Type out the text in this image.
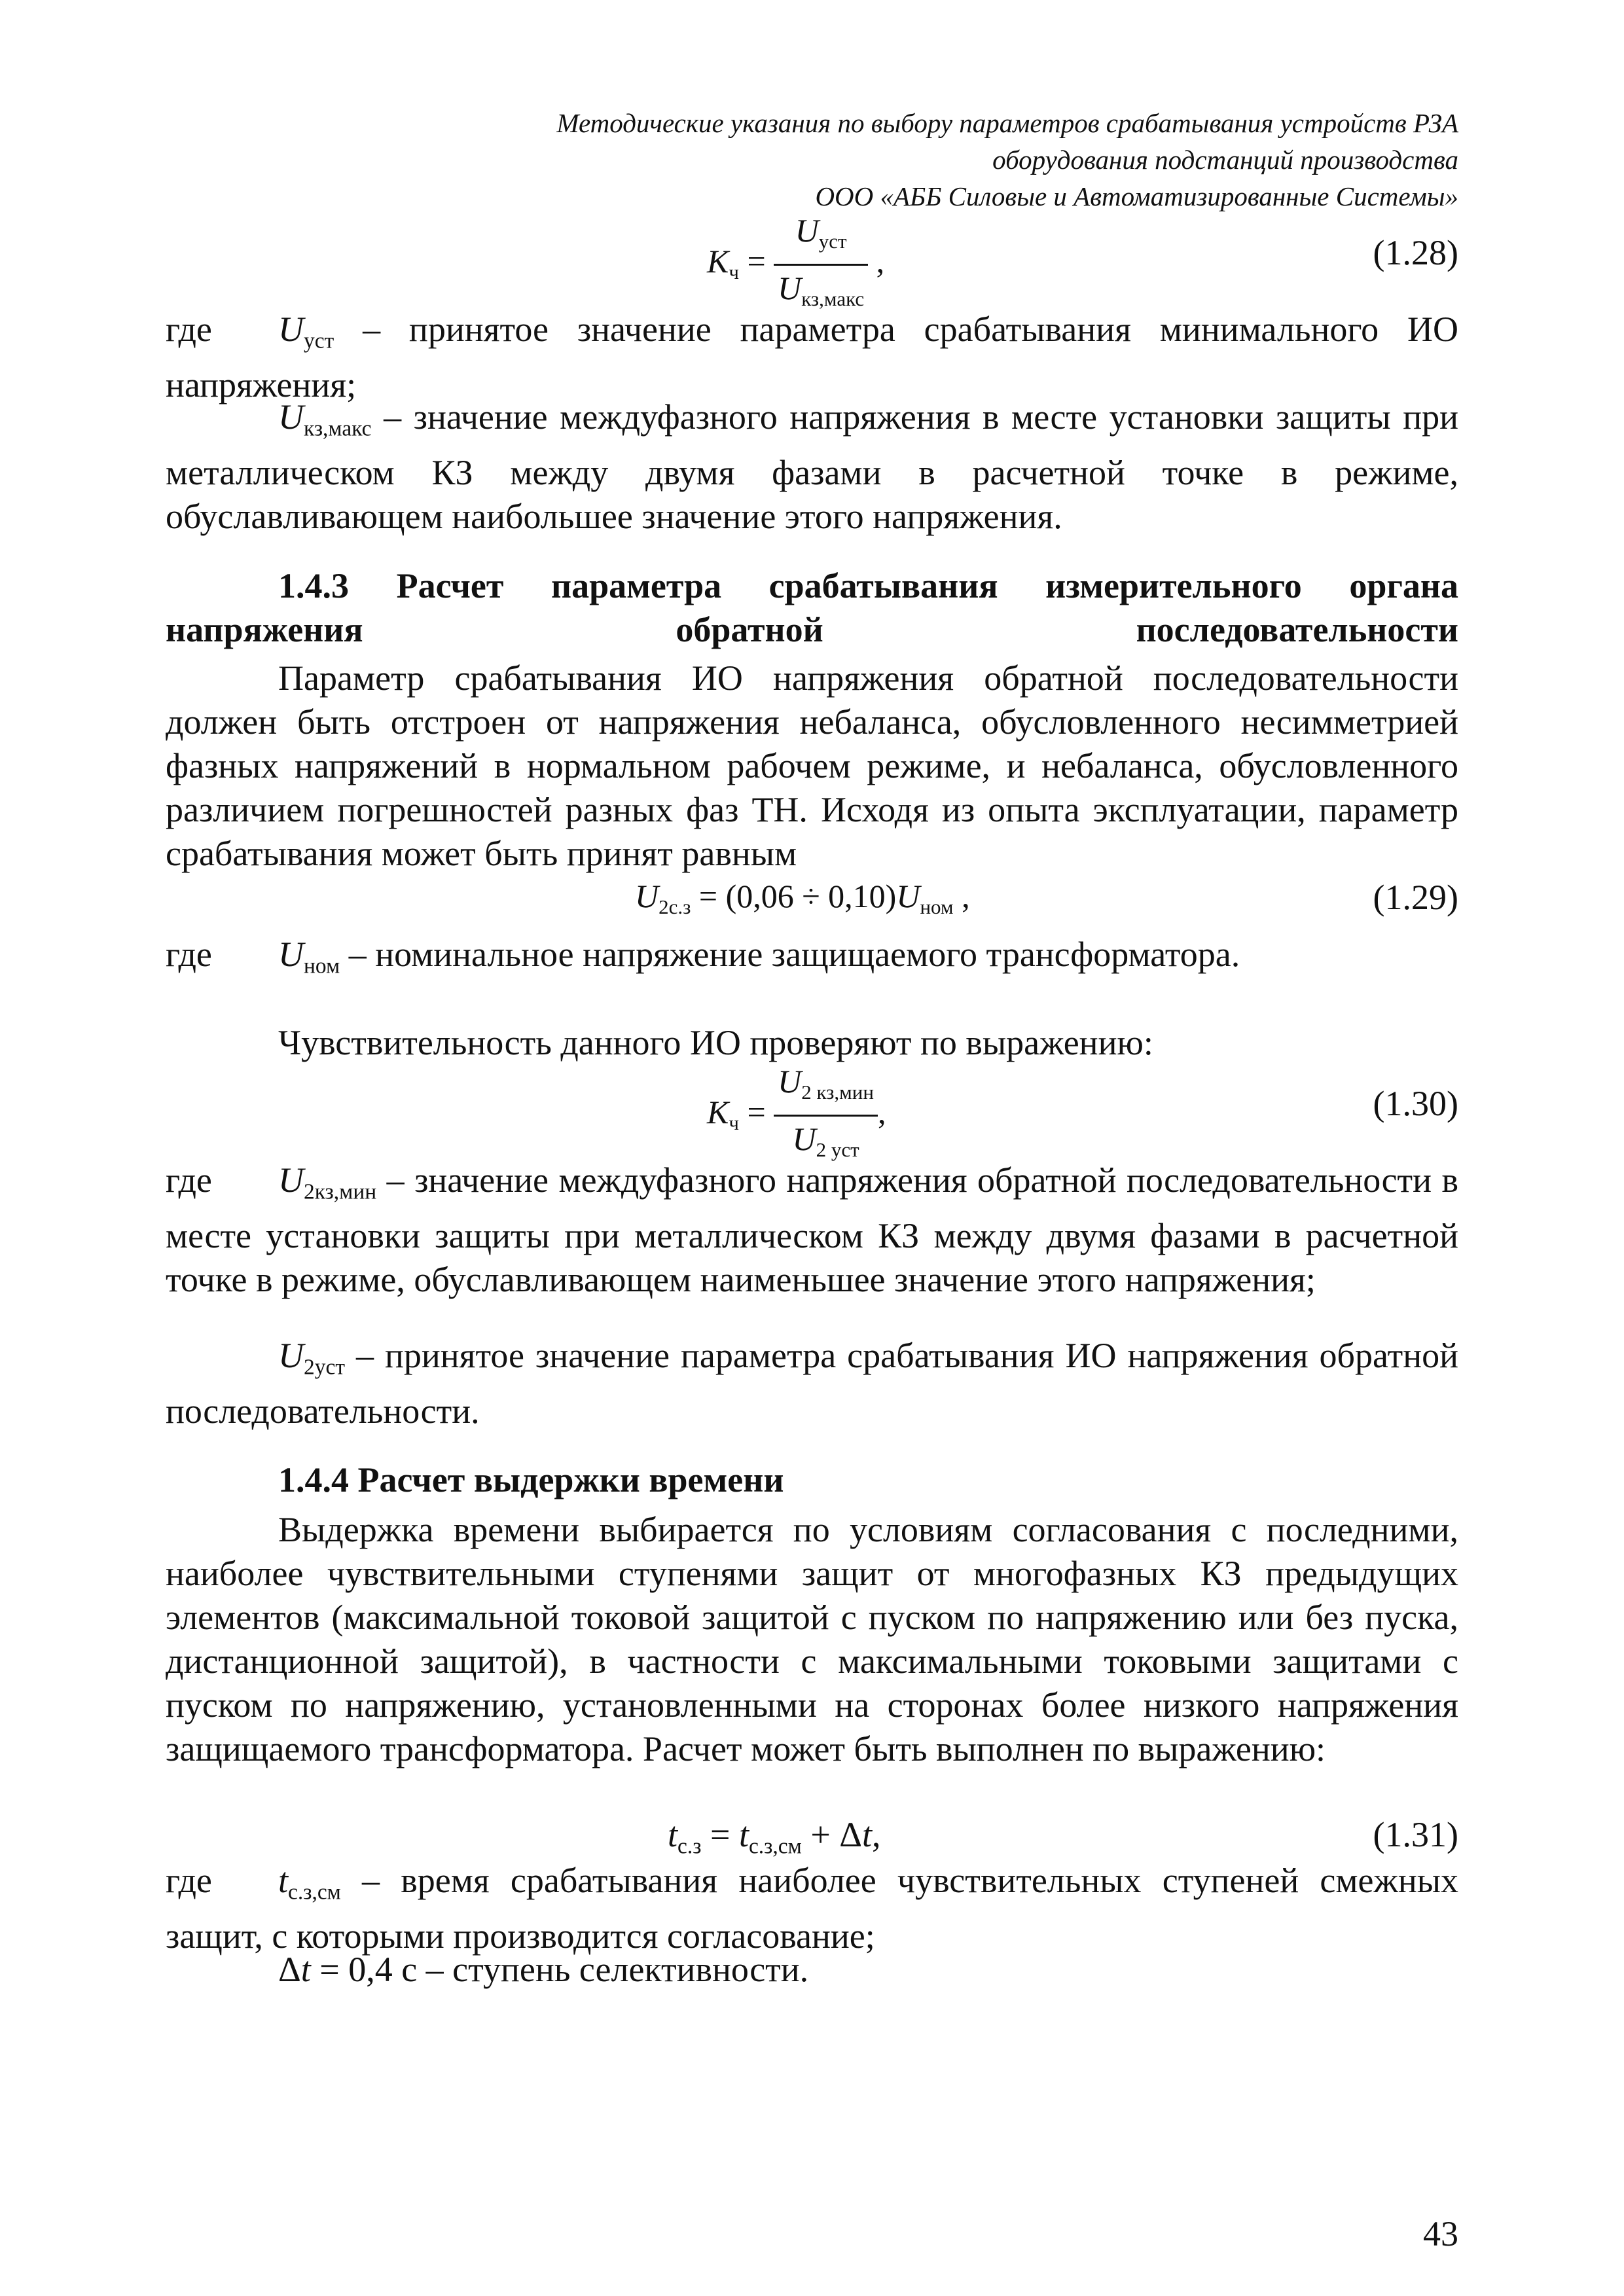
Методические указания по выбору параметров срабатывания устройств РЗА
оборудования подстанций производства
ООО «АББ Силовые и Автоматизированные Системы»
$K_ч = \frac{U_{уст}}{U_{кз,макс}}$ ,	(1.28)
где $U_{уст}$ – принятое значение параметра срабатывания минимального ИО напряжения;
$U_{кз,макс}$ – значение междуфазного напряжения в месте установки защиты при металлическом КЗ между двумя фазами в расчетной точке в режиме, обуславливающем наибольшее значение этого напряжения.
1.4.3 Расчет параметра срабатывания измерительного органа напряжения обратной последовательности
Параметр срабатывания ИО напряжения обратной последовательности должен быть отстроен от напряжения небаланса, обусловленного несимметрией фазных напряжений в нормальном рабочем режиме, и небаланса, обусловленного различием погрешностей разных фаз ТН. Исходя из опыта эксплуатации, параметр срабатывания может быть принят равным
$U_{2с.з} = (0,06 \div 0,10)U_{ном}$ ,	(1.29)
где $U_{ном}$ – номинальное напряжение защищаемого трансформатора.
Чувствительность данного ИО проверяют по выражению:
$K_ч = \frac{U_{2 кз,мин}}{U_{2 уст}}$ ,	(1.30)
где $U_{2кз,мин}$ – значение междуфазного напряжения обратной последовательности в месте установки защиты при металлическом КЗ между двумя фазами в расчетной точке в режиме, обуславливающем наименьшее значение этого напряжения;
$U_{2уст}$ – принятое значение параметра срабатывания ИО напряжения обратной последовательности.
1.4.4 Расчет выдержки времени
Выдержка времени выбирается по условиям согласования с последними, наиболее чувствительными ступенями защит от многофазных КЗ предыдущих элементов (максимальной токовой защитой с пуском по напряжению или без пуска, дистанционной защитой), в частности с максимальными токовыми защитами с пуском по напряжению, установленными на сторонах более низкого напряжения защищаемого трансформатора. Расчет может быть выполнен по выражению:
$t_{с.з} = t_{с.з,см} + \Delta t$,	(1.31)
где $t_{с.з,см}$ – время срабатывания наиболее чувствительных ступеней смежных защит, с которыми производится согласование;
Δt = 0,4 с – ступень селективности.
43
